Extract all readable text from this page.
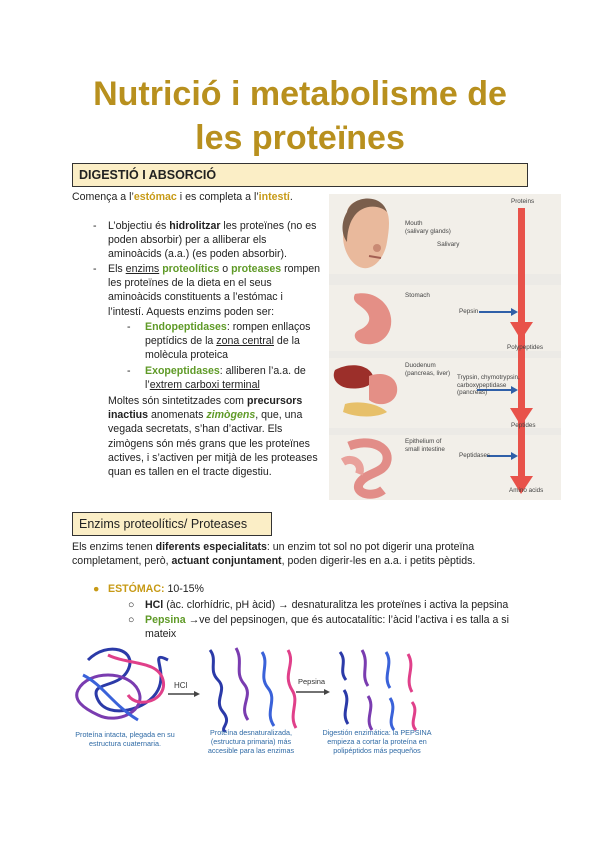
Nutrició i metabolisme de
les proteïnes
DIGESTIÓ I ABSORCIÓ
Comença a l’estómac i es completa a l’intestí.
- L’objectiu és hidrolitzar les proteïnes (no es poden absorbir) per a alliberar els aminoàcids (a.a.) (es poden absorbir).
- Els enzims proteolítics o proteases rompen les proteïnes de la dieta en el seus aminoàcids constituents a l’estómac i l’intestí. Aquests enzims poden ser:
- Endopeptidases: rompen enllaços peptídics de la zona central de la molècula proteica
- Exopeptidases: alliberen l’a.a. de l’extrem carboxi terminal
Moltes són sintetitzades com precursors inactius anomenats zimògens, que, una vegada secretats, s’han d’activar. Els zimògens són més grans que les proteïnes actives, i s’activen per mitjà de les proteases quan es tallen en el tracte digestiu.
Mouth
(salivary glands)
Salivary
Proteins
Stomach
Pepsin
Polypeptides
Duodenum
(pancreas, liver)
Trypsin, chymotrypsin,
carboxypeptidase
(pancreas)
Peptides
Epithelium of
small intestine
Peptidases
Amino acids
Enzims proteolítics/ Proteases
Els enzims tenen diferents especialitats: un enzim tot sol no pot digerir una proteïna completament, però, actuant conjuntament, poden digerir-les en a.a. i petits pèptids.
● ESTÓMAC: 10-15%
○ HCl (àc. clorhídric, pH àcid) → desnaturalitza les proteïnes i activa la pepsina
○ Pepsina →ve del pepsinogen, que és autocatalític: l’àcid l’activa i es talla a si mateix
HCl	Pepsina
Proteína intacta, plegada en su estructura cuaternaria.
Proteína desnaturalizada, (estructura primaria) más accesible para las enzimas
Digestión enzimática: la PEPSINA empieza a cortar la proteína en polipéptidos más pequeños
